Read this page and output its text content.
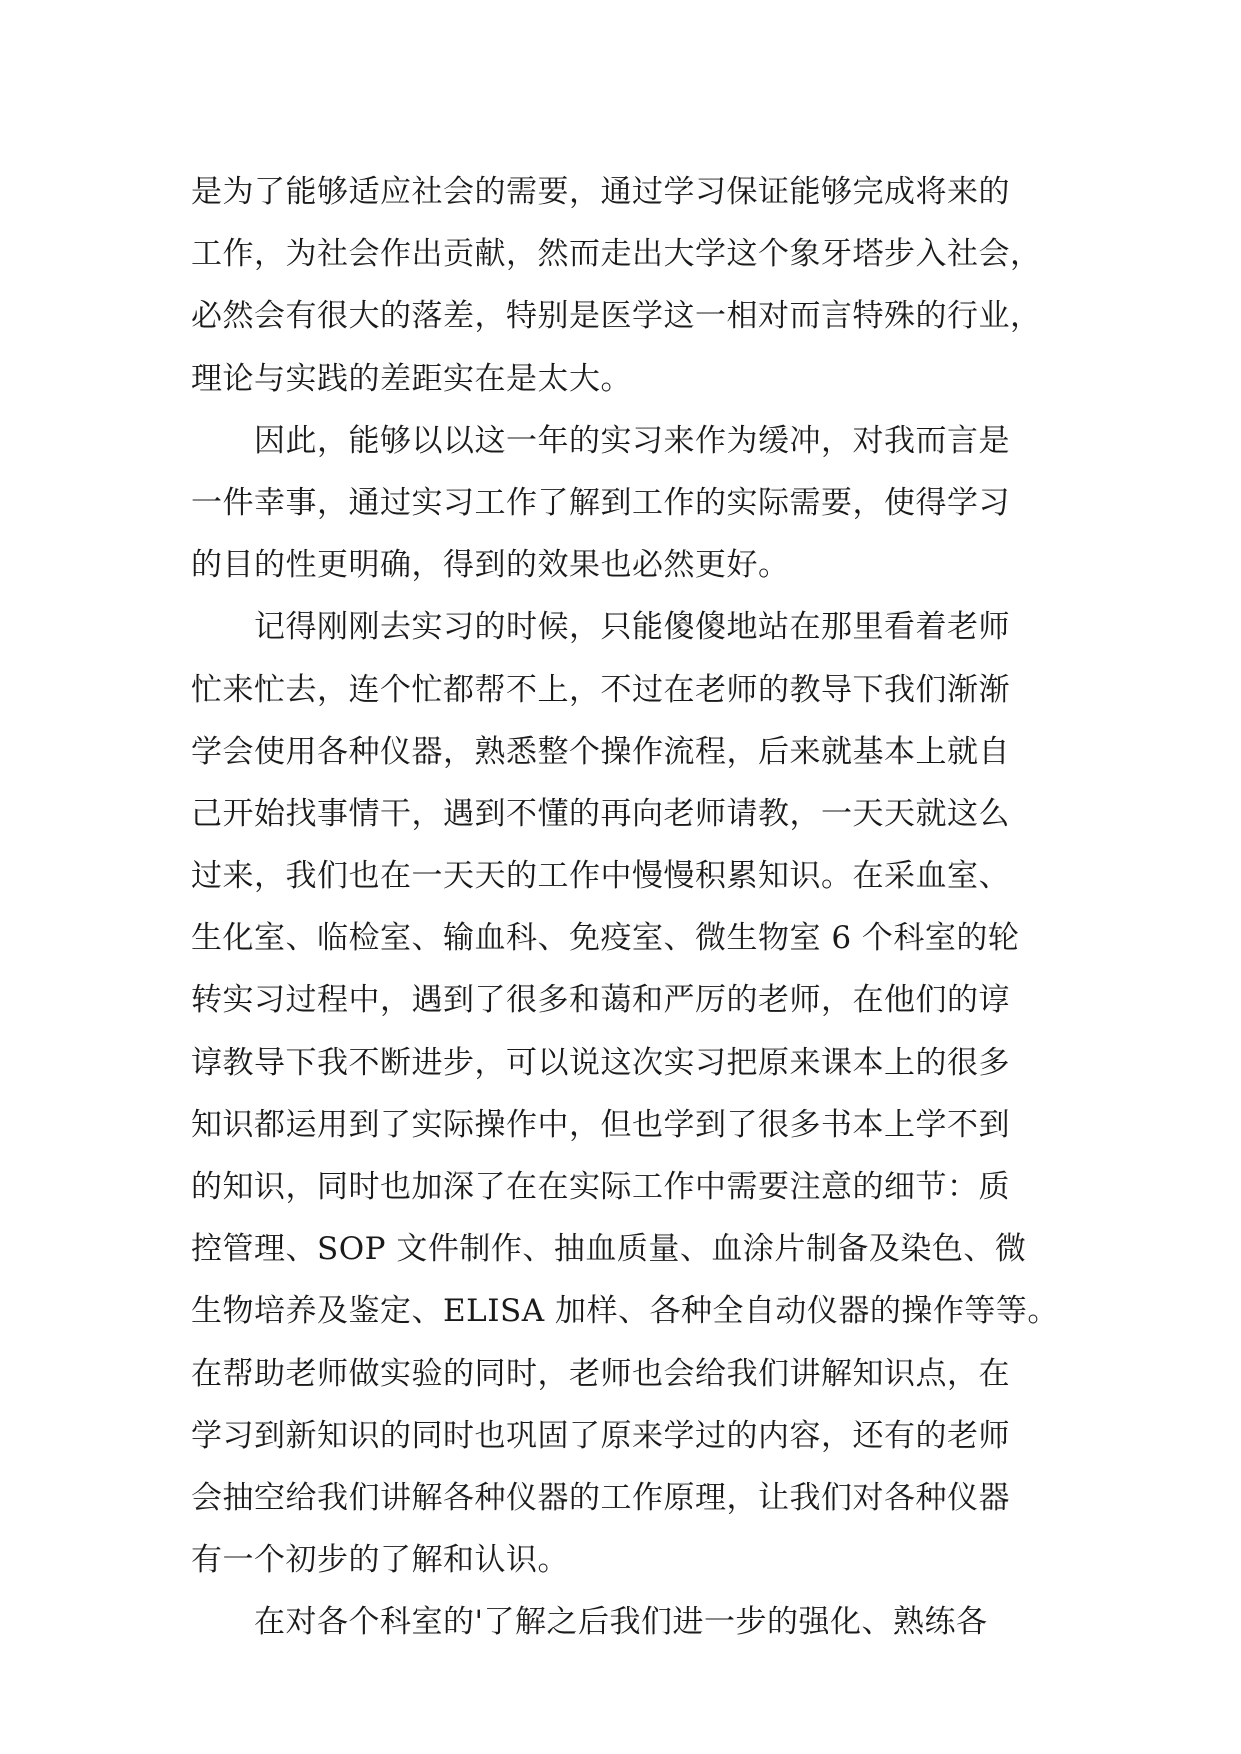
是为了能够适应社会的需要，通过学习保证能够完成将来的
工作，为社会作出贡献，然而走出大学这个象牙塔步入社会，
必然会有很大的落差，特别是医学这一相对而言特殊的行业，
理论与实践的差距实在是太大。
　　因此，能够以以这一年的实习来作为缓冲，对我而言是
一件幸事，通过实习工作了解到工作的实际需要，使得学习
的目的性更明确，得到的效果也必然更好。
　　记得刚刚去实习的时候，只能傻傻地站在那里看着老师
忙来忙去，连个忙都帮不上，不过在老师的教导下我们渐渐
学会使用各种仪器，熟悉整个操作流程，后来就基本上就自
己开始找事情干，遇到不懂的再向老师请教，一天天就这么
过来，我们也在一天天的工作中慢慢积累知识。在采血室、
生化室、临检室、输血科、免疫室、微生物室 6 个科室的轮
转实习过程中，遇到了很多和蔼和严厉的老师，在他们的谆
谆教导下我不断进步，可以说这次实习把原来课本上的很多
知识都运用到了实际操作中，但也学到了很多书本上学不到
的知识，同时也加深了在在实际工作中需要注意的细节：质
控管理、SOP 文件制作、抽血质量、血涂片制备及染色、微
生物培养及鉴定、ELISA 加样、各种全自动仪器的操作等等。
在帮助老师做实验的同时，老师也会给我们讲解知识点，在
学习到新知识的同时也巩固了原来学过的内容，还有的老师
会抽空给我们讲解各种仪器的工作原理，让我们对各种仪器
有一个初步的了解和认识。
　　在对各个科室的'了解之后我们进一步的强化、熟练各
